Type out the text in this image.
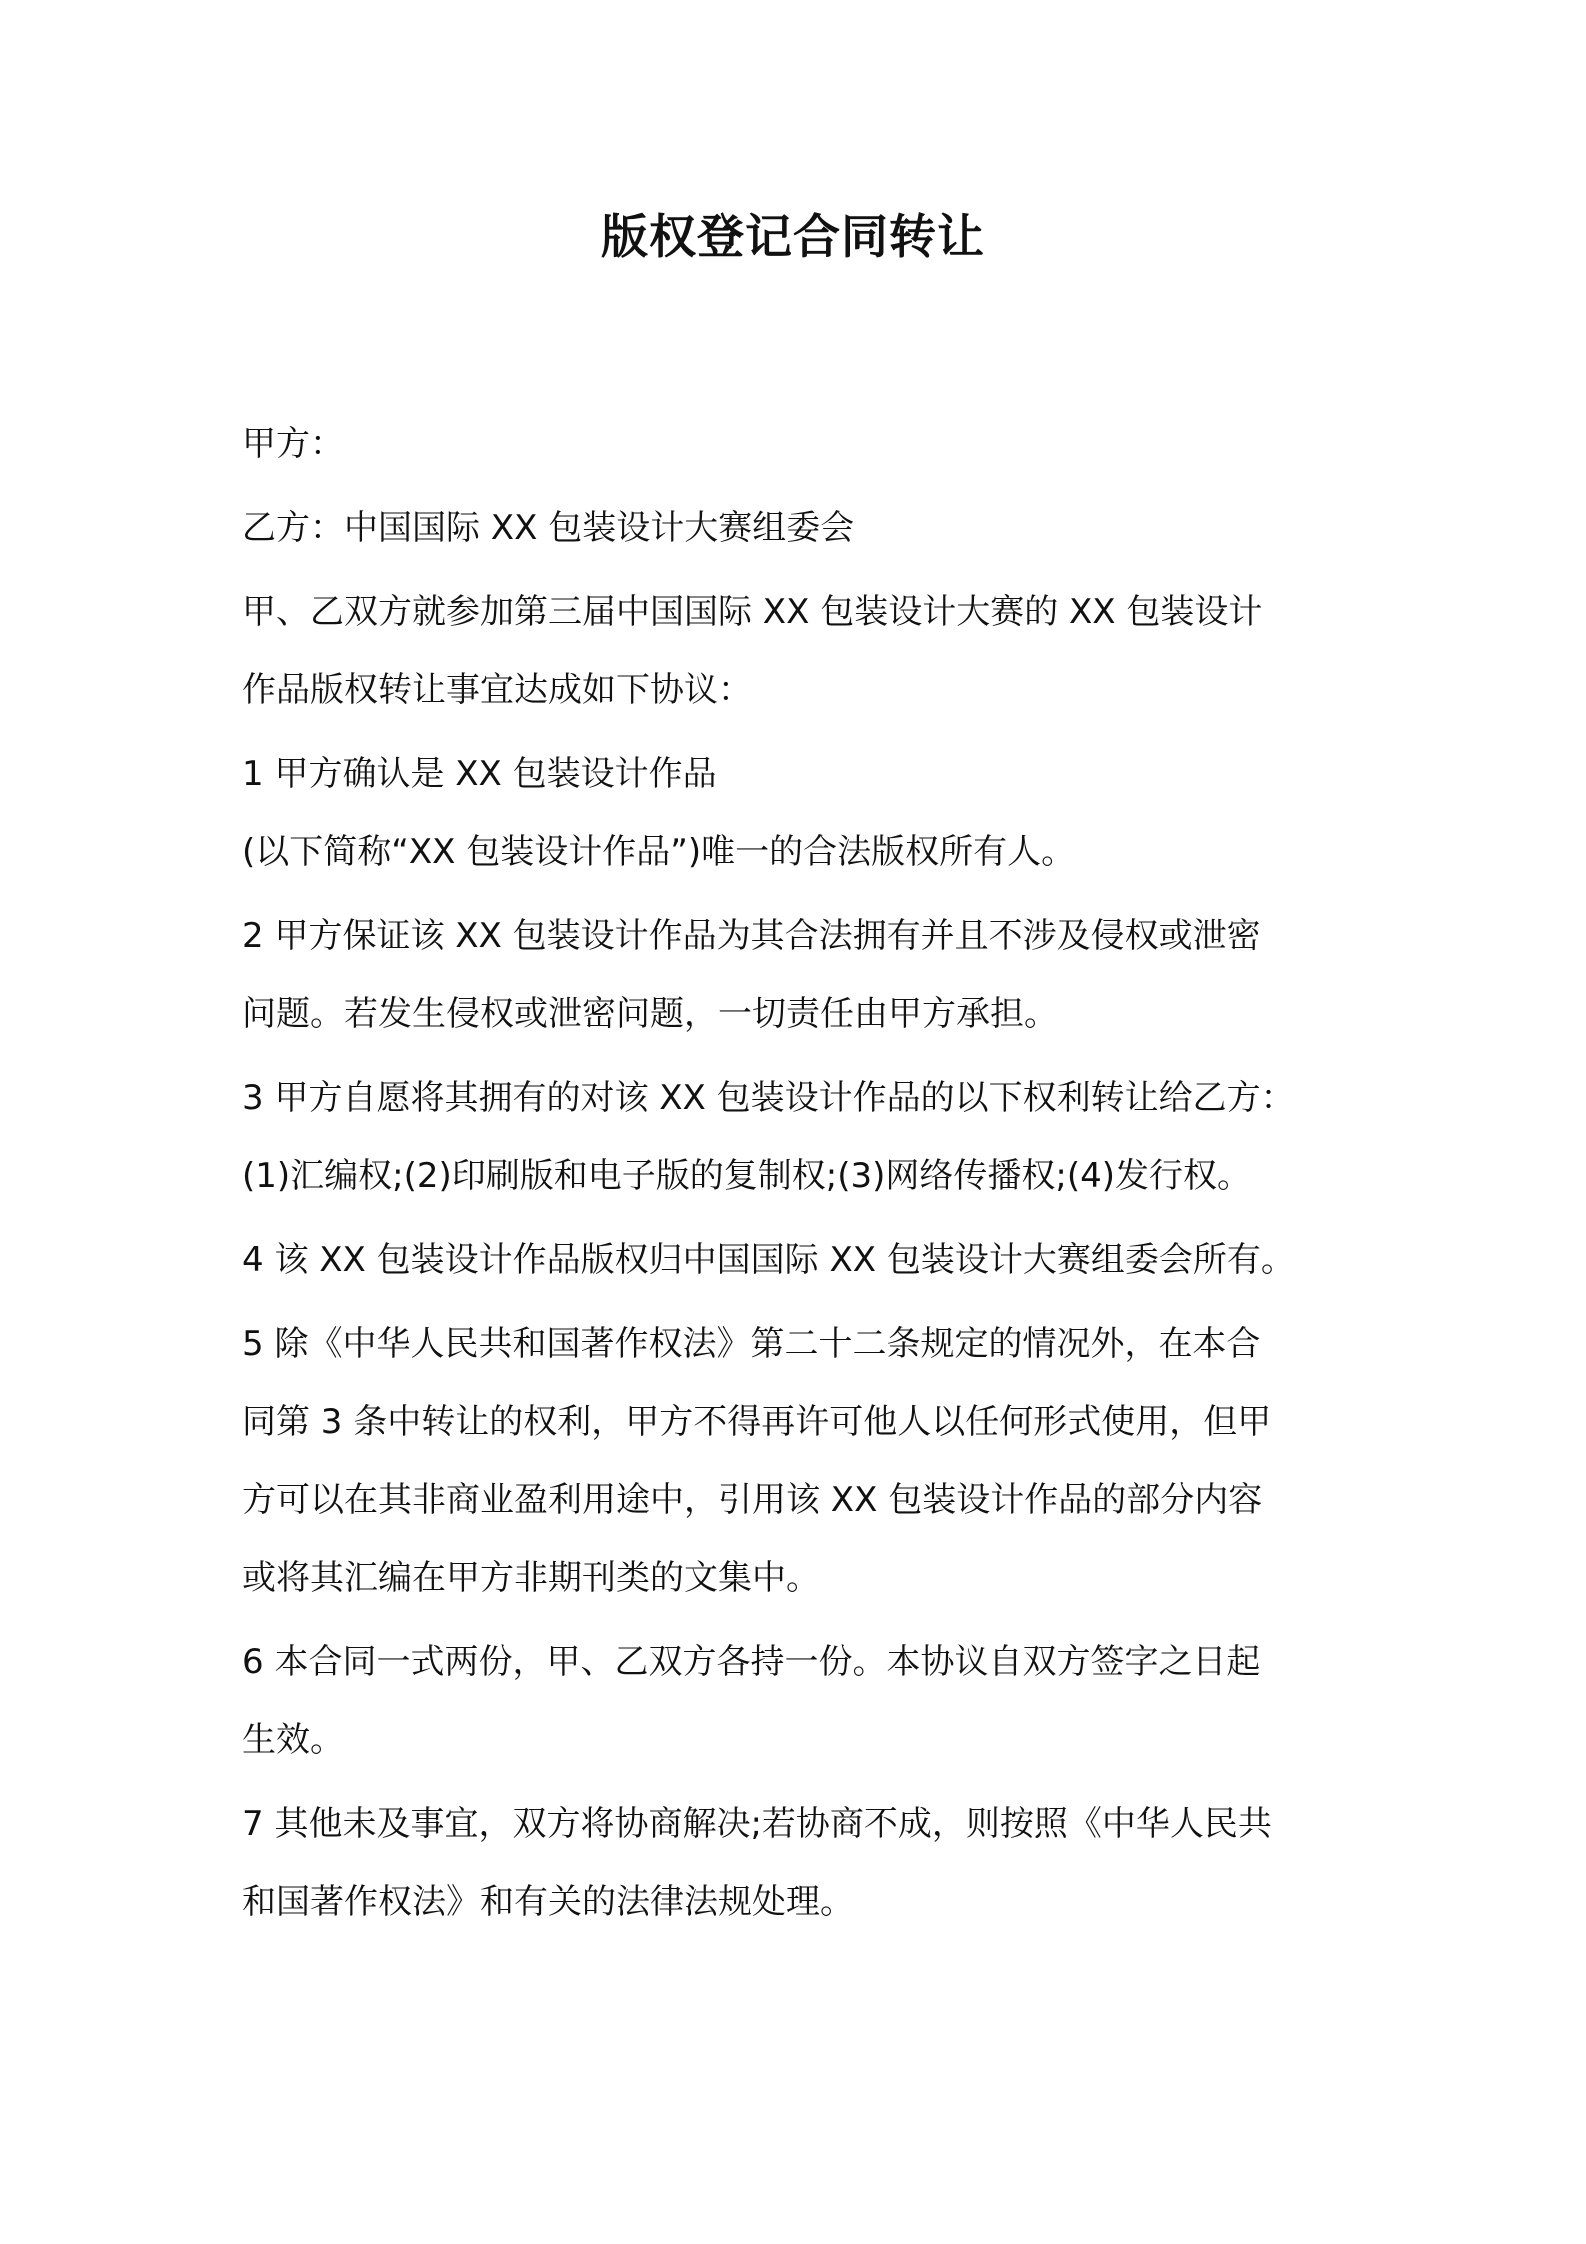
版权登记合同转让

甲方：

乙方：中国国际 XX 包装设计大赛组委会

甲、乙双方就参加第三届中国国际 XX 包装设计大赛的 XX 包装设计
作品版权转让事宜达成如下协议：

1 甲方确认是 XX 包装设计作品
(以下简称“XX 包装设计作品”)唯一的合法版权所有人。

2 甲方保证该 XX 包装设计作品为其合法拥有并且不涉及侵权或泄密
问题。若发生侵权或泄密问题，一切责任由甲方承担。

3 甲方自愿将其拥有的对该 XX 包装设计作品的以下权利转让给乙方：
(1)汇编权;(2)印刷版和电子版的复制权;(3)网络传播权;(4)发行权。

4 该 XX 包装设计作品版权归中国国际 XX 包装设计大赛组委会所有。

5 除《中华人民共和国著作权法》第二十二条规定的情况外，在本合
同第 3 条中转让的权利，甲方不得再许可他人以任何形式使用，但甲
方可以在其非商业盈利用途中，引用该 XX 包装设计作品的部分内容
或将其汇编在甲方非期刊类的文集中。

6 本合同一式两份，甲、乙双方各持一份。本协议自双方签字之日起
生效。

7 其他未及事宜，双方将协商解决;若协商不成，则按照《中华人民共
和国著作权法》和有关的法律法规处理。
